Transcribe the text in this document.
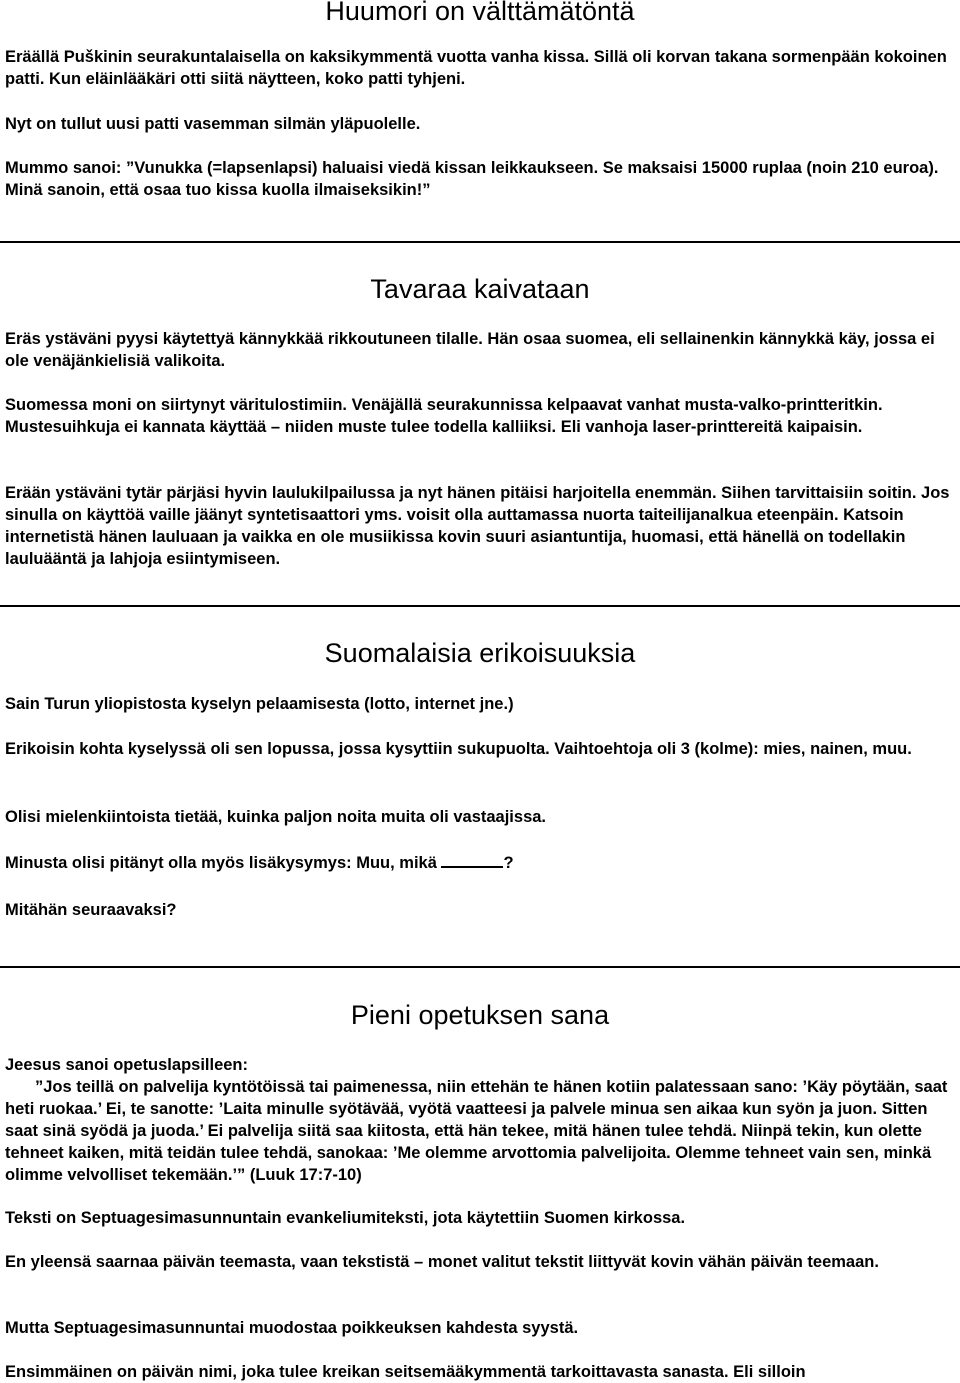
Huumori on välttämätöntä

Eräällä Puškinin seurakuntalaisella on kaksikymmentä vuotta vanha kissa. Sillä oli korvan takana sormenpään kokoinen patti. Kun eläinlääkäri otti siitä näytteen, koko patti tyhjeni.

Nyt on tullut uusi patti vasemman silmän yläpuolelle.

Mummo sanoi: ”Vunukka (=lapsenlapsi) haluaisi viedä kissan leikkaukseen. Se maksaisi 15000 ruplaa (noin 210 euroa). Minä sanoin, että osaa tuo kissa kuolla ilmaiseksikin!”

Tavaraa kaivataan

Eräs ystäväni pyysi käytettyä kännykkää rikkoutuneen tilalle. Hän osaa suomea, eli sellainenkin kännykkä käy, jossa ei ole venäjänkielisiä valikoita.

Suomessa moni on siirtynyt väritulostimiin. Venäjällä seurakunnissa kelpaavat vanhat musta-valko-printteritkin. Mustesuihkuja ei kannata käyttää – niiden muste tulee todella kalliiksi. Eli vanhoja laser-printtereitä kaipaisin.

Erään ystäväni tytär pärjäsi hyvin laulukilpailussa ja nyt hänen pitäisi harjoitella enemmän. Siihen tarvittaisiin soitin. Jos sinulla on käyttöä vaille jäänyt syntetisaattori yms. voisit olla auttamassa nuorta taiteilijanalkua eteenpäin. Katsoin internetistä hänen lauluaan ja vaikka en ole musiikissa kovin suuri asiantuntija, huomasi, että hänellä on todellakin lauluääntä ja lahjoja esiintymiseen.

Suomalaisia erikoisuuksia

Sain Turun yliopistosta kyselyn pelaamisesta (lotto, internet jne.)

Erikoisin kohta kyselyssä oli sen lopussa, jossa kysyttiin sukupuolta. Vaihtoehtoja oli 3 (kolme): mies, nainen, muu.

Olisi mielenkiintoista tietää, kuinka paljon noita muita oli vastaajissa.

Minusta olisi pitänyt olla myös lisäkysymys: Muu, mikä	?

Mitähän seuraavaksi?

Pieni opetuksen sana

Jeesus sanoi opetuslapsilleen:

”Jos teillä on palvelija kyntötöissä tai paimenessa, niin ettehän te hänen kotiin palatessaan sano: ’Käy pöytään, saat heti ruokaa.’ Ei, te sanotte: ’Laita minulle syötävää, vyötä vaatteesi ja palvele minua sen aikaa kun syön ja juon. Sitten saat sinä syödä ja juoda.’ Ei palvelija siitä saa kiitosta, että hän tekee, mitä hänen tulee tehdä. Niinpä tekin, kun olette tehneet kaiken, mitä teidän tulee tehdä, sanokaa: ’Me olemme arvottomia palvelijoita. Olemme tehneet vain sen, minkä olimme velvolliset tekemään.’” (Luuk 17:7-10)

Teksti on Septuagesimasunnuntain evankeliumiteksti, jota käytettiin Suomen kirkossa.

En yleensä saarnaa päivän teemasta, vaan tekstistä – monet valitut tekstit liittyvät kovin vähän päivän teemaan.

Mutta Septuagesimasunnuntai muodostaa poikkeuksen kahdesta syystä.

Ensimmäinen on päivän nimi, joka tulee kreikan seitsemääkymmentä tarkoittavasta sanasta. Eli silloin
